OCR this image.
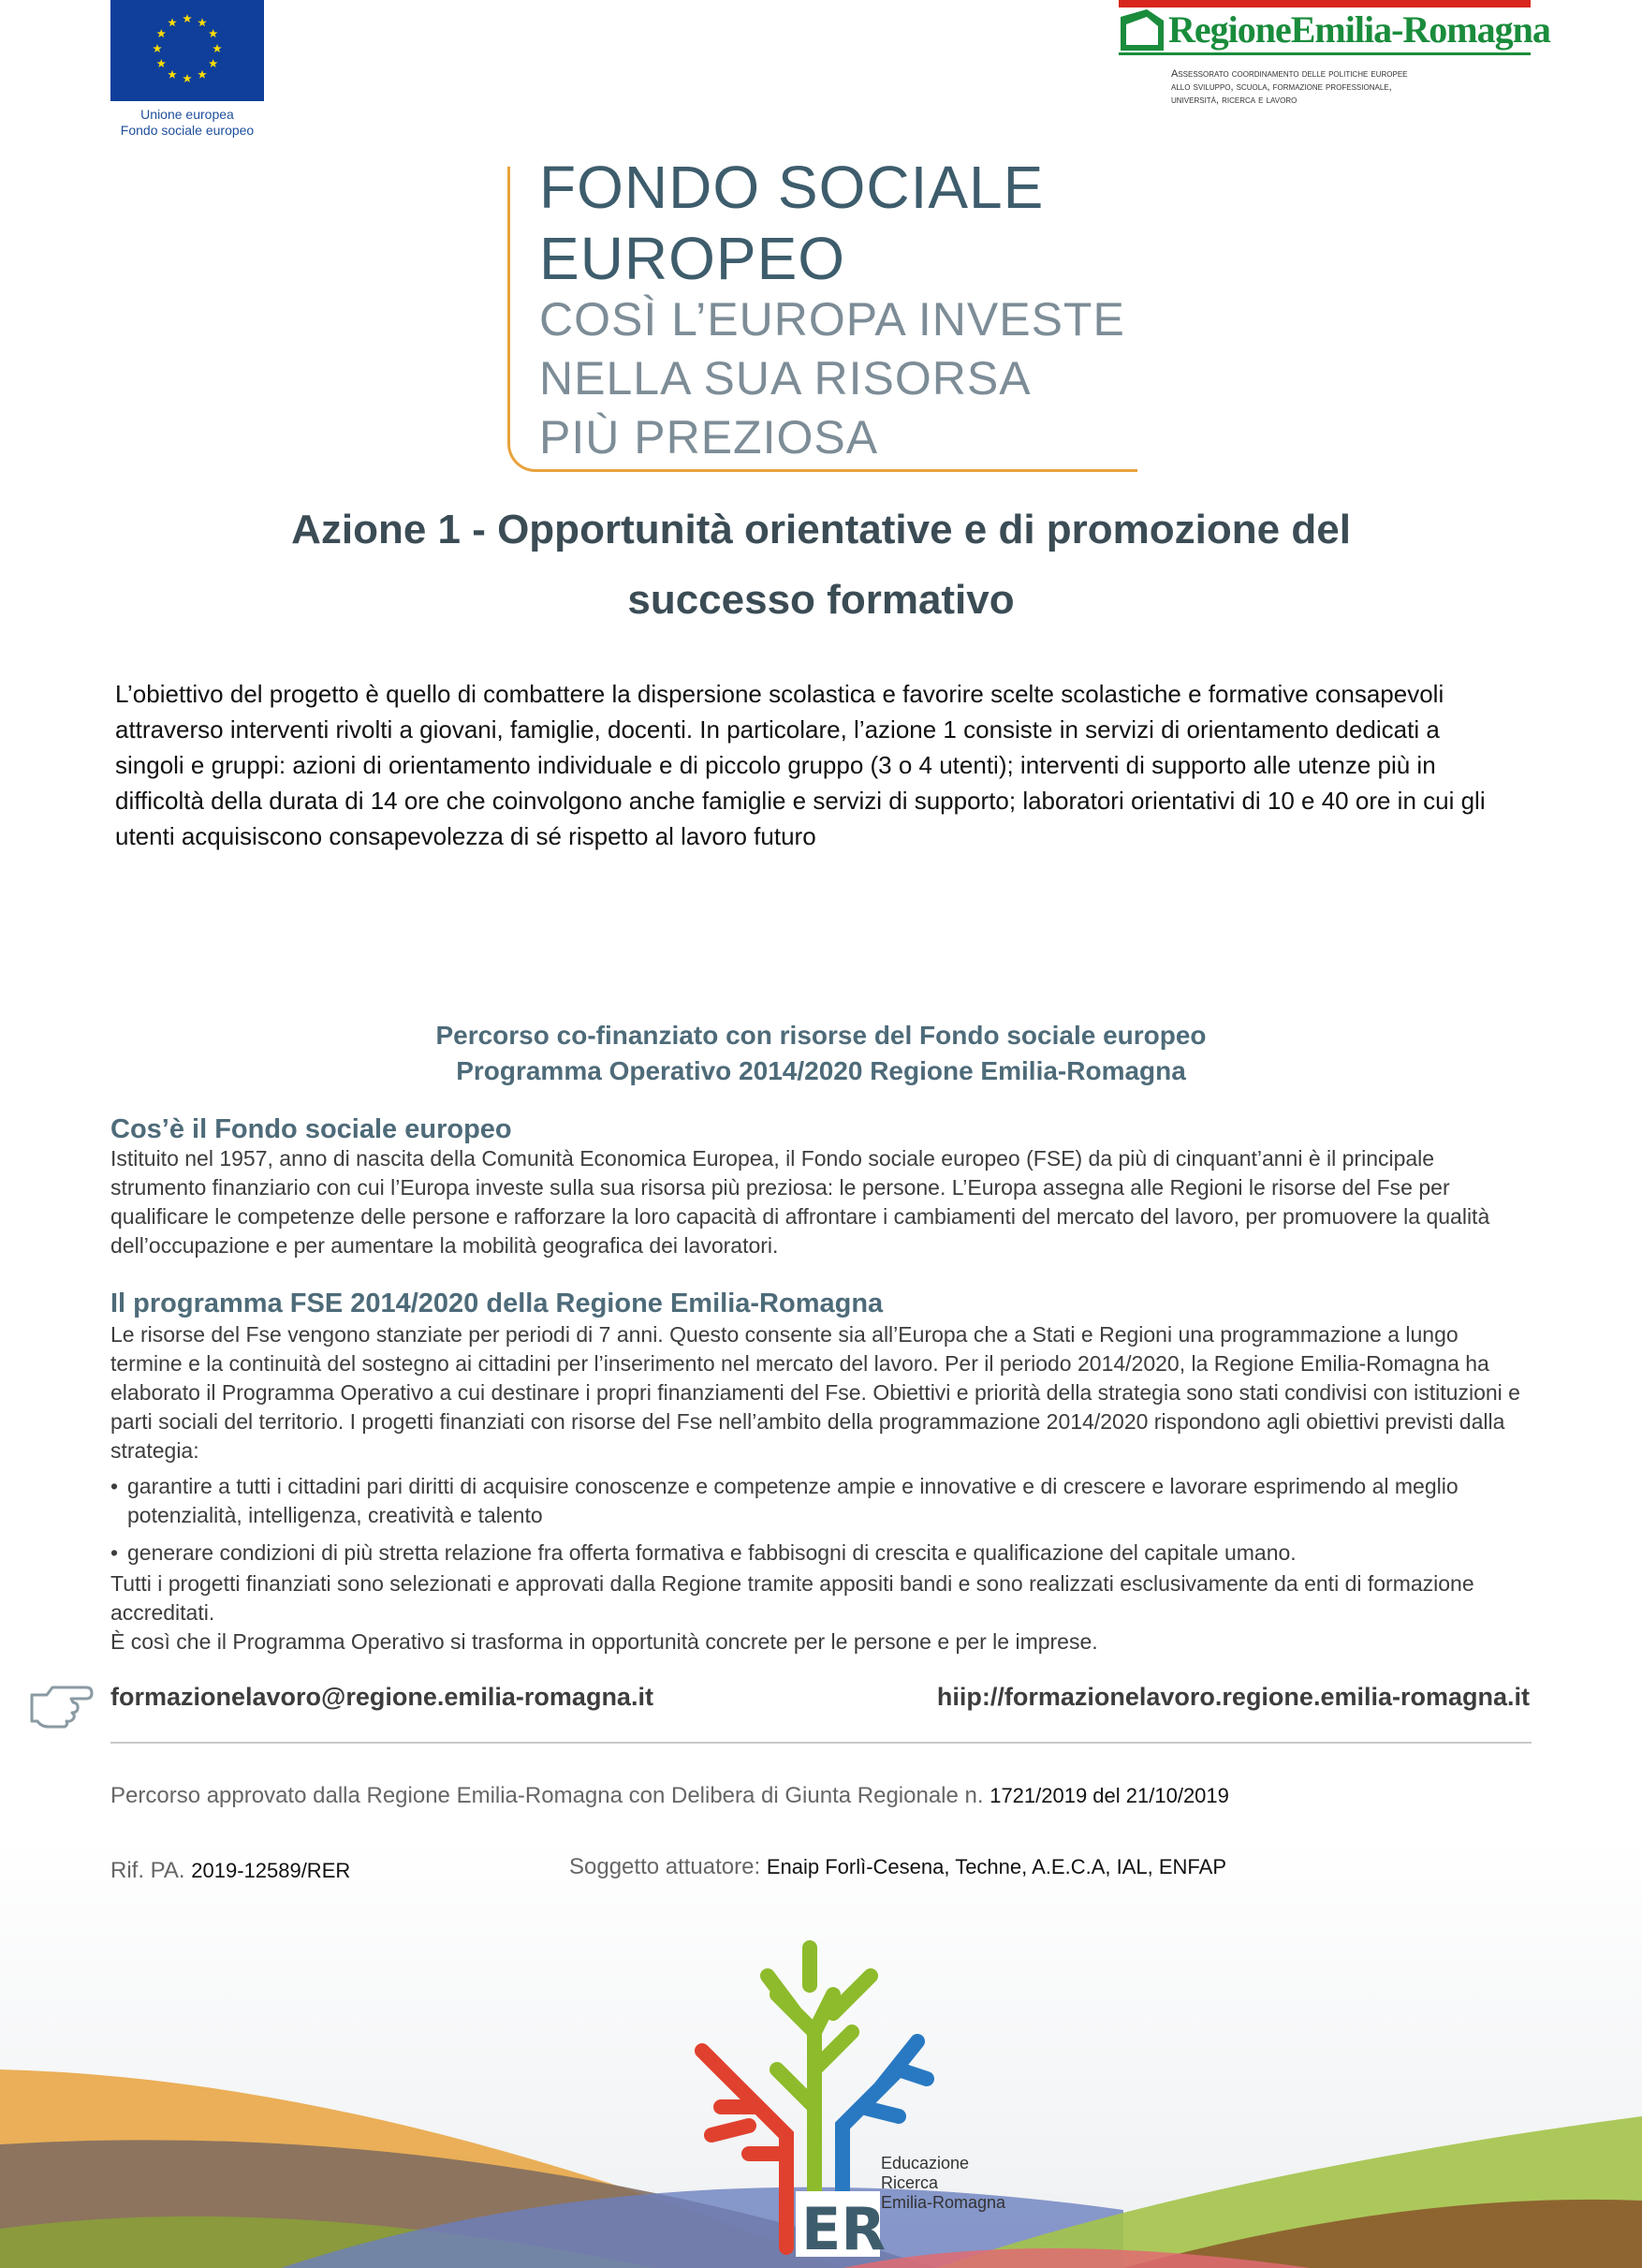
Unione europea
Fondo sociale europeo
RegioneEmilia-Romagna
Assessorato coordinamento delle politiche europee
allo sviluppo, scuola, formazione professionale,
università, ricerca e lavoro
FONDO SOCIALE
EUROPEO
COSÌ L’EUROPA INVESTE
NELLA SUA RISORSA
PIÙ PREZIOSA
Azione 1 - Opportunità orientative e di promozione del
successo formativo
L’obiettivo del progetto è quello di combattere la dispersione scolastica e favorire scelte scolastiche e formative consapevoli attraverso interventi rivolti a giovani, famiglie, docenti. In particolare, l’azione 1 consiste in servizi di orientamento dedicati a singoli e gruppi: azioni di orientamento individuale e di piccolo gruppo (3 o 4 utenti); interventi di supporto alle utenze più in difficoltà della durata di 14 ore che coinvolgono anche famiglie e servizi di supporto; laboratori orientativi di 10 e 40 ore in cui gli utenti acquisiscono consapevolezza di sé rispetto al lavoro futuro
Percorso co-finanziato con risorse del Fondo sociale europeo
Programma Operativo 2014/2020 Regione Emilia-Romagna
Cos’è il Fondo sociale europeo
Istituito nel 1957, anno di nascita della Comunità Economica Europea, il Fondo sociale europeo (FSE) da più di cinquant’anni è il principale strumento finanziario con cui l’Europa investe sulla sua risorsa più preziosa: le persone. L’Europa assegna alle Regioni le risorse del Fse per qualificare le competenze delle persone e rafforzare la loro capacità di affrontare i cambiamenti del mercato del lavoro, per promuovere la qualità dell’occupazione e per aumentare la mobilità geografica dei lavoratori.
Il programma FSE 2014/2020 della Regione Emilia-Romagna
Le risorse del Fse vengono stanziate per periodi di 7 anni. Questo consente sia all’Europa che a Stati e Regioni una programmazione a lungo termine e la continuità del sostegno ai cittadini per l’inserimento nel mercato del lavoro. Per il periodo 2014/2020, la Regione Emilia-Romagna ha elaborato il Programma Operativo a cui destinare i propri finanziamenti del Fse. Obiettivi e priorità della strategia sono stati condivisi con istituzioni e parti sociali del territorio. I progetti finanziati con risorse del Fse nell’ambito della programmazione 2014/2020 rispondono agli obiettivi previsti dalla strategia:
• garantire a tutti i cittadini pari diritti di acquisire conoscenze e competenze ampie e innovative e di crescere e lavorare esprimendo al meglio potenzialità, intelligenza, creatività e talento
• generare condizioni di più stretta relazione fra offerta formativa e fabbisogni di crescita e qualificazione del capitale umano.
Tutti i progetti finanziati sono selezionati e approvati dalla Regione tramite appositi bandi e sono realizzati esclusivamente da enti di formazione accreditati.
È così che il Programma Operativo si trasforma in opportunità concrete per le persone e per le imprese.
formazionelavoro@regione.emilia-romagna.it	hiip://formazionelavoro.regione.emilia-romagna.it
ER
Educazione
Ricerca
Emilia-Romagna
Percorso approvato dalla Regione Emilia-Romagna con Delibera di Giunta Regionale n. 1721/2019 del 21/10/2019
Rif. PA. 2019-12589/RER	Soggetto attuatore: Enaip Forlì-Cesena, Techne, A.E.C.A, IAL, ENFAP
